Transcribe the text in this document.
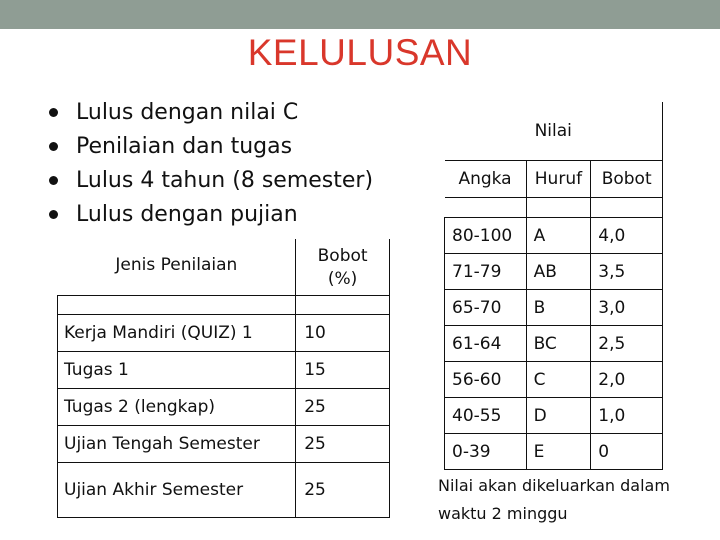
KELULUSAN
Lulus dengan nilai C
Penilaian dan tugas
Lulus 4 tahun (8 semester)
Lulus dengan pujian
Jenis Penilaian	Bobot
(%)

Kerja Mandiri (QUIZ) 1	10
Tugas 1	15
Tugas 2 (lengkap)	25
Ujian Tengah Semester	25
Ujian Akhir Semester	25
Nilai		
Angka	Huruf	Bobot

80-100	A	4,0
71-79	AB	3,5
65-70	B	3,0
61-64	BC	2,5
56-60	C	2,0
40-55	D	1,0
0-39	E	0
Nilai akan dikeluarkan dalam
waktu 2 minggu
